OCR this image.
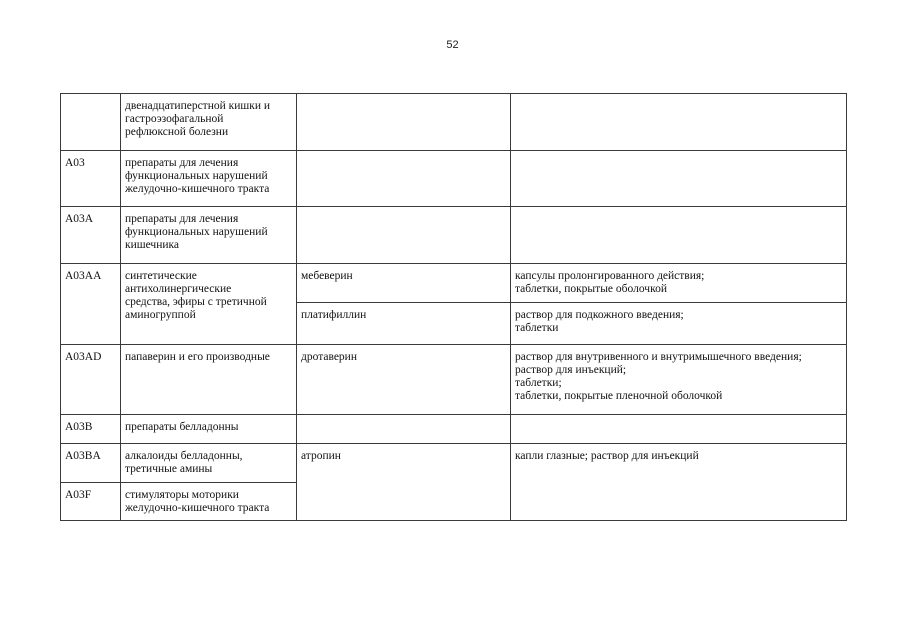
52

	двенадцатиперстной кишки и
гастроэзофагальной
рефлюксной болезни		

A03	препараты для лечения
функциональных нарушений
желудочно-кишечного тракта		

A03A	препараты для лечения
функциональных нарушений
кишечника		

A03AA	синтетические
антихолинергические
средства, эфиры с третичной
аминогруппой	мебеверин	капсулы пролонгированного действия;
таблетки, покрытые оболочкой

		платифиллин	раствор для подкожного введения;
таблетки

A03AD	папаверин и его производные	дротаверин	раствор для внутривенного и внутримышечного введения;
раствор для инъекций;
таблетки;
таблетки, покрытые пленочной оболочкой

A03B	препараты белладонны		

A03BA	алкалоиды белладонны,
третичные амины	атропин	капли глазные; раствор для инъекций

A03F	стимуляторы моторики
желудочно-кишечного тракта		
